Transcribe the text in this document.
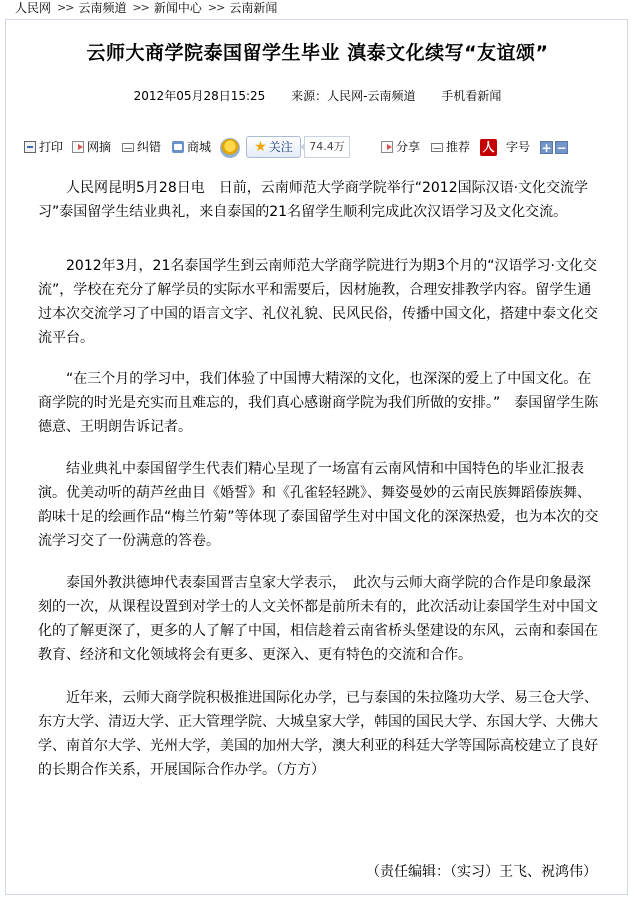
人民网 >> 云南频道 >> 新闻中心 >> 云南新闻
云师大商学院泰国留学生毕业 滇泰文化续写“友谊颂”
2012年05月28日15:25 来源：人民网-云南频道 手机看新闻
打印 网摘 纠错 商城	★ 关注	74.4万	分享 推荐 人 字号 + −

人民网昆明5月28日电　日前，云南师范大学商学院举行“2012国际汉语·文化交流学习”泰国留学生结业典礼，来自泰国的21名留学生顺利完成此次汉语学习及文化交流。

2012年3月，21名泰国学生到云南师范大学商学院进行为期3个月的“汉语学习·文化交流”，学校在充分了解学员的实际水平和需要后，因材施教，合理安排教学内容。留学生通过本次交流学习了中国的语言文字、礼仪礼貌、民风民俗，传播中国文化，搭建中泰文化交流平台。

“在三个月的学习中，我们体验了中国博大精深的文化，也深深的爱上了中国文化。在商学院的时光是充实而且难忘的，我们真心感谢商学院为我们所做的安排。”　泰国留学生陈德意、王明朗告诉记者。

结业典礼中泰国留学生代表们精心呈现了一场富有云南风情和中国特色的毕业汇报表演。优美动听的葫芦丝曲目《婚誓》和《孔雀轻轻跳》、舞姿曼妙的云南民族舞蹈傣族舞、韵味十足的绘画作品“梅兰竹菊”等体现了泰国留学生对中国文化的深深热爱，也为本次的交流学习交了一份满意的答卷。

泰国外教洪德坤代表泰国晋吉皇家大学表示，　此次与云师大商学院的合作是印象最深刻的一次，从课程设置到对学士的人文关怀都是前所未有的，此次活动让泰国学生对中国文化的了解更深了，更多的人了解了中国，相信趁着云南省桥头堡建设的东风，云南和泰国在教育、经济和文化领域将会有更多、更深入、更有特色的交流和合作。

近年来，云师大商学院积极推进国际化办学，已与泰国的朱拉隆功大学、易三仓大学、东方大学、清迈大学、正大管理学院、大城皇家大学，韩国的国民大学、东国大学、大佛大学、南首尔大学、光州大学，美国的加州大学，澳大利亚的科廷大学等国际高校建立了良好的长期合作关系，开展国际合作办学。（方方）

（责任编辑：（实习）王飞、祝鸿伟）
